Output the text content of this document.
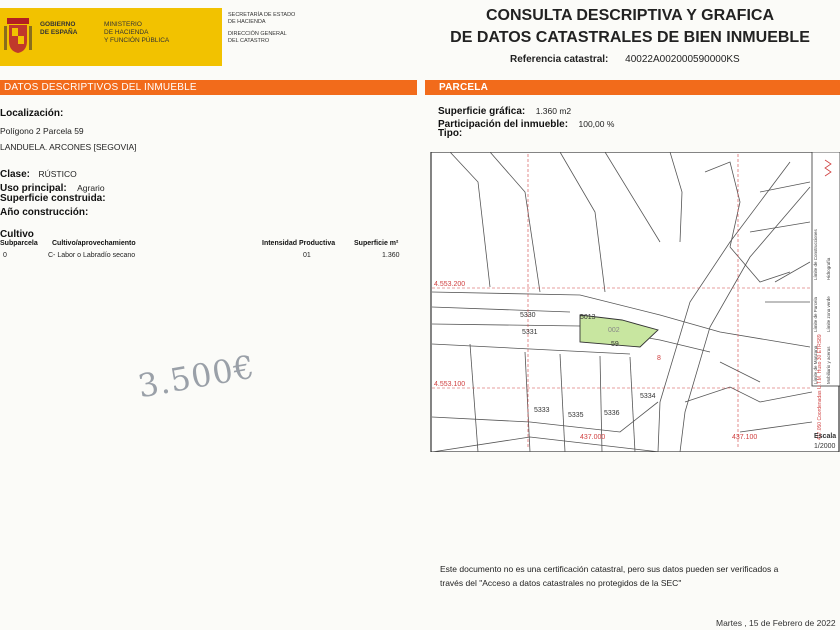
GOBIERNO
DE ESPAÑA
MINISTERIO
DE HACIENDA
Y FUNCIÓN PÚBLICA
SECRETARÍA DE ESTADO
DE HACIENDA
DIRECCIÓN GENERAL
DEL CATASTRO
CONSULTA DESCRIPTIVA Y GRAFICA
DE DATOS CATASTRALES DE BIEN INMUEBLE
Referencia catastral: 40022A002000590000KS
DATOS DESCRIPTIVOS DEL INMUEBLE
Localización:
Polígono 2 Parcela 59
LANDUELA. ARCONES [SEGOVIA]
Clase: RÚSTICO
Uso principal: Agrario
Superficie construida:
Año construcción:
Cultivo
Subparcela Cultivo/aprovechamiento	Intensidad Productiva	Superficie m²
0	C- Labor o Labradío secano	01	1.360
3.500€
PARCELA
Superficie gráfica: 1.360 m2
Participación del inmueble: 100,00 %
Tipo:
4.553.200
4.553.100
437.000	437.100
5330
5331
5013
002
59
5333
5335	5336
5334
8	437.050 Coordenadas U.T.M. Huso 30 ETRS89
Límite de Manzana
Límite de Parcela
Límite de Construcciones
Mobiliario y aceras
Límite zona verde
Hidrografía
Escala
1/2000
Este documento no es una certificación catastral, pero sus datos pueden ser verificados a
través del "Acceso a datos catastrales no protegidos de la SEC"
Martes , 15 de Febrero de 2022
